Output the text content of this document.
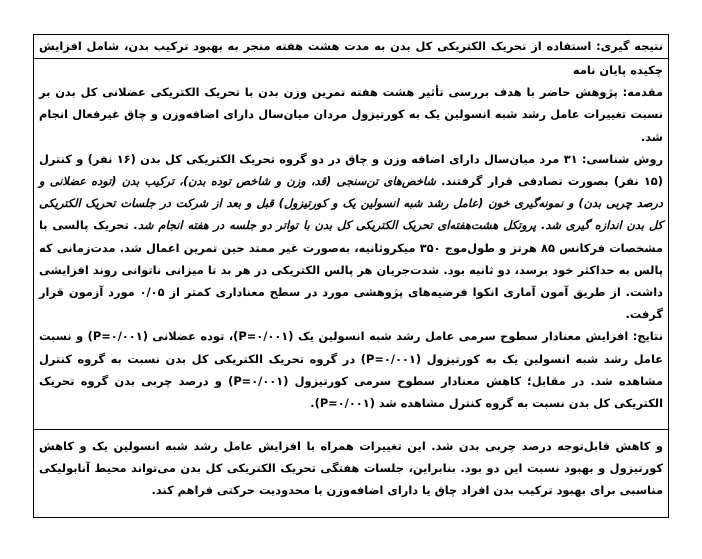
نتیجه گیری: استفاده از تحریک الکتریکی کل بدن به مدت هشت هفته منجر به بهبود ترکیب بدن، شامل افزایش

چکیده پایان نامه

مقدمه: پژوهش حاضر با هدف بررسی تأثیر هشت هفته تمرین وزن بدن با تحریک الکتریکی عضلانی کل بدن بر نسبت تغییرات عامل رشد شبه انسولین یک به کورتیزول مردان میان‌سال دارای اضافه‌وزن و چاق غیرفعال انجام شد.

روش شناسی: ۳۱ مرد میان‌سال دارای اضافه وزن و چاق در دو گروه تحریک الکتریکی کل بدن (۱۶ نفر) و کنترل (۱۵ نفر) بصورت تصادفی قرار گرفتند. شاخص‌های تن‌سنجی (قد، وزن و شاخص توده بدن)، ترکیب بدن (توده عضلانی و درصد چربی بدن) و نمونه‌گیری خون (عامل رشد شبه انسولین یک و کورتیزول) قبل و بعد از شرکت در جلسات تحریک الکتریکی کل بدن اندازه گیری شد. پروتکل هشت‌هفته‌ای تحریک الکتریکی کل بدن با تواتر دو جلسه در هفته انجام شد. تحریک پالسی با مشخصات فرکانس ۸۵ هرتز و طول‌موج ۳۵۰ میکروثانیه، به‌صورت غیر ممتد حین تمرین اعمال شد. مدت‌زمانی که پالس به حداکثر خود برسد، دو ثانیه بود. شدت‌جریان هر پالس الکتریکی در هر بد تا میزانی ناتوانی روند افزایشی داشت. از طریق آمون آماری انکوا فرضیه‌های پژوهشی مورد در سطح معناداری کمتر از ۰/۰۵ مورد آزمون قرار گرفت.

نتایج: افزایش معنادار سطوح سرمی عامل رشد شبه انسولین یک (P=۰/۰۰۱)، توده عضلانی (P=۰/۰۰۱) و نسبت عامل رشد شبه انسولین یک به کورتیزول (P=۰/۰۰۱) در گروه تحریک الکتریکی کل بدن نسبت به گروه کنترل مشاهده شد. در مقابل؛ کاهش معنادار سطوح سرمی کورتیزول (P=۰/۰۰۱) و درصد چربی بدن گروه تحریک الکتریکی کل بدن نسبت به گروه کنترل مشاهده شد (P=۰/۰۰۱).

و کاهش قابل‌توجه درصد چربی بدن شد. این تغییرات همراه با افزایش عامل رشد شبه انسولین یک و کاهش کورتیزول و بهبود نسبت این دو بود. بنابراین، جلسات هفتگی تحریک الکتریکی کل بدن می‌تواند محیط آنابولیکی مناسبی برای بهبود ترکیب بدن افراد چاق یا دارای اضافه‌وزن با محدودیت حرکتی فراهم کند.
